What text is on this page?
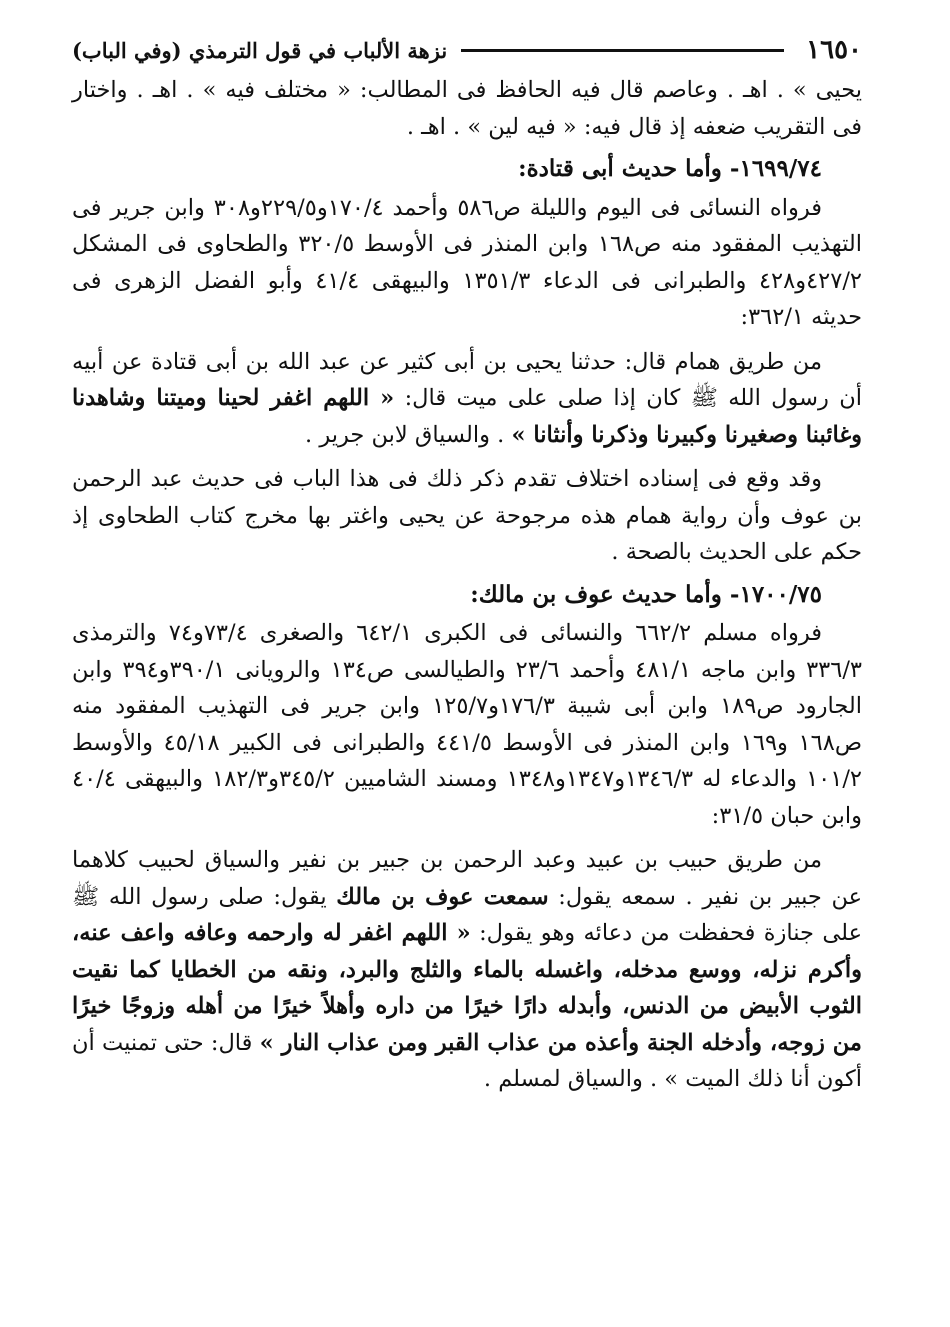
١٦٥٠
نزهة الألباب في قول الترمذي (وفي الباب)

يحيى » . اهـ . وعاصم قال فيه الحافظ فى المطالب: « مختلف فيه » . اهـ . واختار فى التقريب ضعفه إذ قال فيه: « فيه لين » . اهـ .

١٦٩٩/٧٤- وأما حديث أبى قتادة:

فرواه النسائى فى اليوم والليلة ص٥٨٦ وأحمد ١٧٠/٤و٢٢٩/٥و٣٠٨ وابن جرير فى التهذيب المفقود منه ص١٦٨ وابن المنذر فى الأوسط ٣٢٠/٥ والطحاوى فى المشكل ٤٢٧/٢و٤٢٨ والطبرانى فى الدعاء ١٣٥١/٣ والبيهقى ٤١/٤ وأبو الفضل الزهرى فى حديثه ٣٦٢/١:

من طريق همام قال: حدثنا يحيى بن أبى كثير عن عبد الله بن أبى قتادة عن أبيه أن رسول الله ﷺ كان إذا صلى على ميت قال: « اللهم اغفر لحينا وميتنا وشاهدنا وغائبنا وصغيرنا وكبيرنا وذكرنا وأنثانا » . والسياق لابن جرير .

وقد وقع فى إسناده اختلاف تقدم ذكر ذلك فى هذا الباب فى حديث عبد الرحمن بن عوف وأن رواية همام هذه مرجوحة عن يحيى واغتر بها مخرج كتاب الطحاوى إذ حكم على الحديث بالصحة .

١٧٠٠/٧٥- وأما حديث عوف بن مالك:

فرواه مسلم ٦٦٢/٢ والنسائى فى الكبرى ٦٤٢/١ والصغرى ٧٣/٤و٧٤ والترمذى ٣٣٦/٣ وابن ماجه ٤٨١/١ وأحمد ٢٣/٦ والطيالسى ص١٣٤ والرويانى ٣٩٠/١و٣٩٤ وابن الجارود ص١٨٩ وابن أبى شيبة ١٧٦/٣و١٢٥/٧ وابن جرير فى التهذيب المفقود منه ص١٦٨ و١٦٩ وابن المنذر فى الأوسط ٤٤١/٥ والطبرانى فى الكبير ٤٥/١٨ والأوسط ١٠١/٢ والدعاء له ١٣٤٦/٣و١٣٤٧و١٣٤٨ ومسند الشاميين ٣٤٥/٢و١٨٢/٣ والبيهقى ٤٠/٤ وابن حبان ٣١/٥:

من طريق حبيب بن عبيد وعبد الرحمن بن جبير بن نفير والسياق لحبيب كلاهما عن جبير بن نفير . سمعه يقول: سمعت عوف بن مالك يقول: صلى رسول الله ﷺ على جنازة فحفظت من دعائه وهو يقول: « اللهم اغفر له وارحمه وعافه واعف عنه، وأكرم نزله، ووسع مدخله، واغسله بالماء والثلج والبرد، ونقه من الخطايا كما نقيت الثوب الأبيض من الدنس، وأبدله دارًا خيرًا من داره وأهلاً خيرًا من أهله وزوجًا خيرًا من زوجه، وأدخله الجنة وأعذه من عذاب القبر ومن عذاب النار » قال: حتى تمنيت أن أكون أنا ذلك الميت » . والسياق لمسلم .
